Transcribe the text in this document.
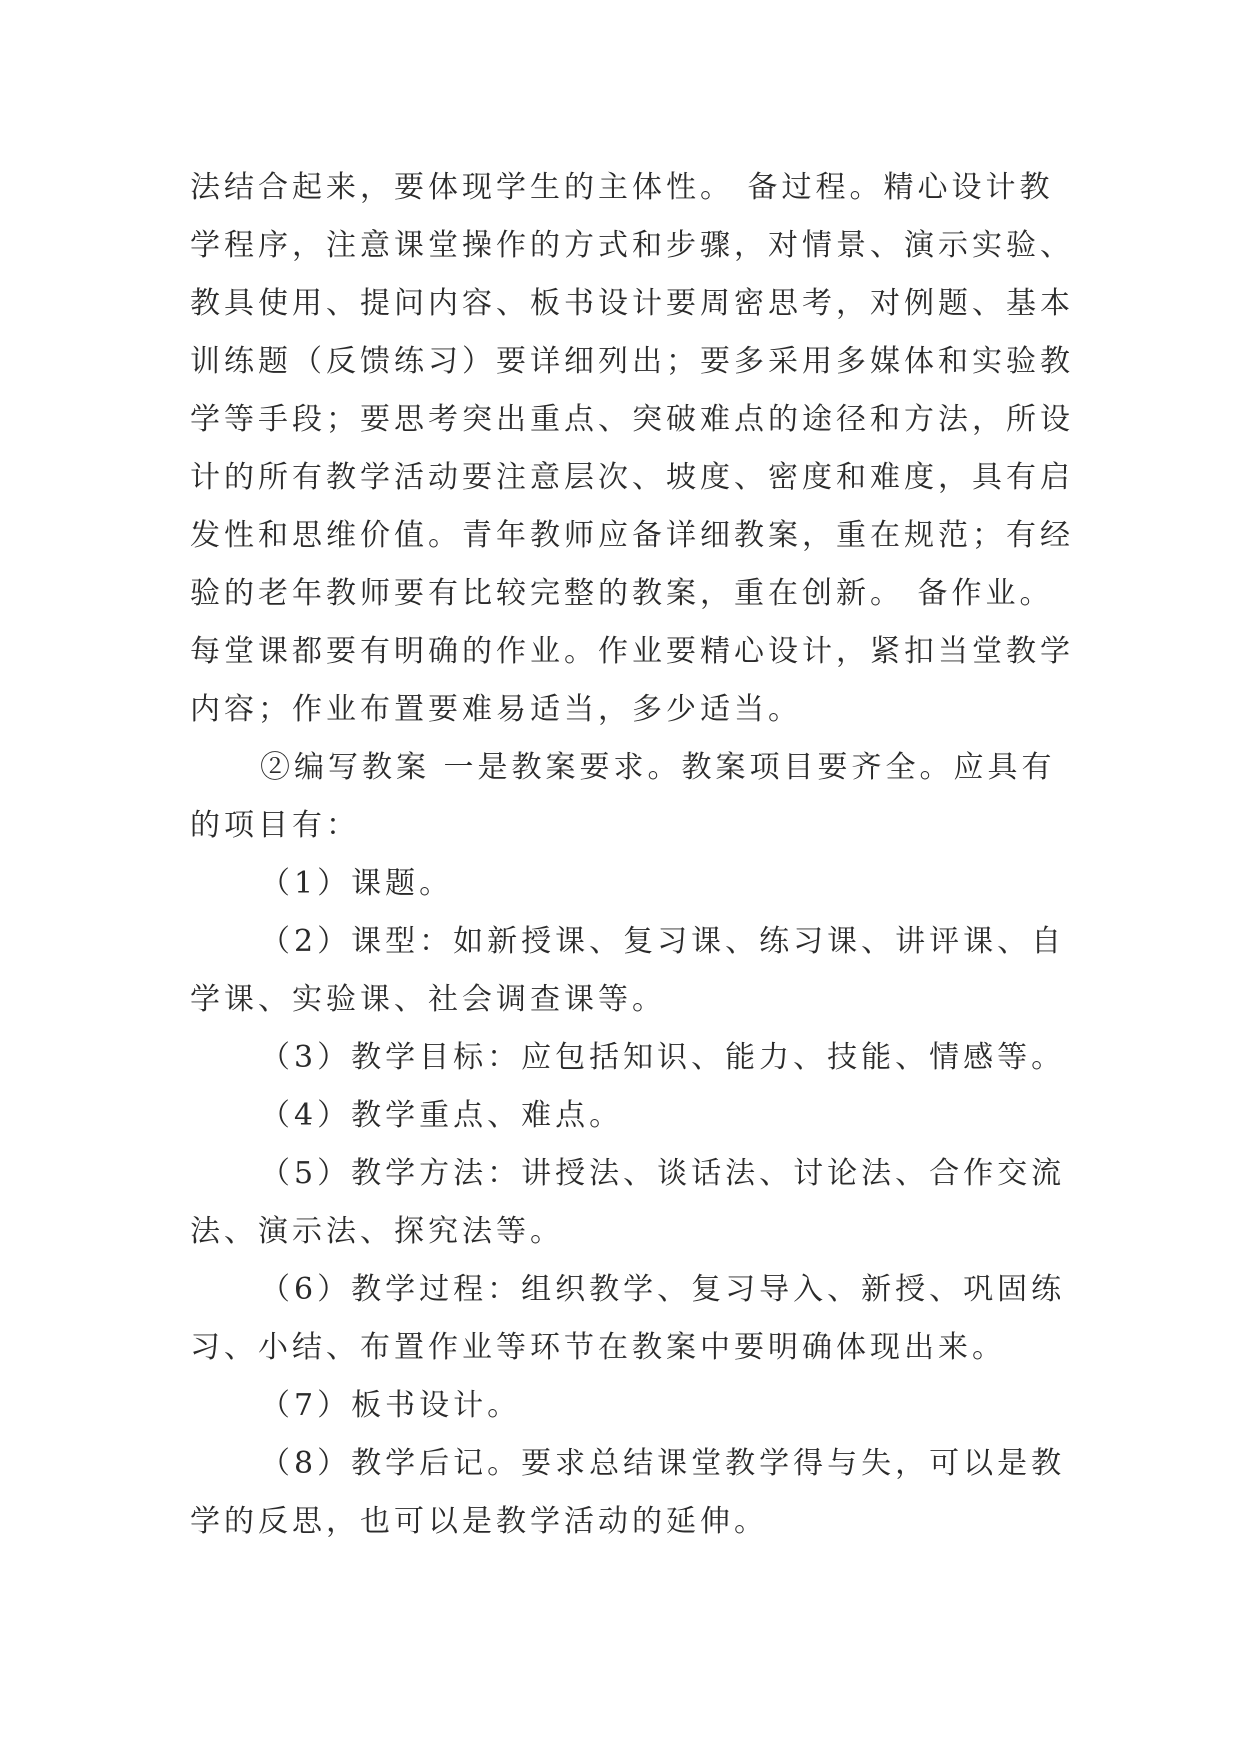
法结合起来，要体现学生的主体性。 备过程。精心设计教
学程序，注意课堂操作的方式和步骤，对情景、演示实验、
教具使用、提问内容、板书设计要周密思考，对例题、基本
训练题（反馈练习）要详细列出；要多采用多媒体和实验教
学等手段；要思考突出重点、突破难点的途径和方法，所设
计的所有教学活动要注意层次、坡度、密度和难度，具有启
发性和思维价值。青年教师应备详细教案，重在规范；有经
验的老年教师要有比较完整的教案，重在创新。 备作业。
每堂课都要有明确的作业。作业要精心设计，紧扣当堂教学
内容；作业布置要难易适当，多少适当。
②编写教案 一是教案要求。教案项目要齐全。应具有
的项目有：
（1）课题。
（2）课型：如新授课、复习课、练习课、讲评课、自
学课、实验课、社会调查课等。
（3）教学目标：应包括知识、能力、技能、情感等。
（4）教学重点、难点。
（5）教学方法：讲授法、谈话法、讨论法、合作交流
法、演示法、探究法等。
（6）教学过程：组织教学、复习导入、新授、巩固练
习、小结、布置作业等环节在教案中要明确体现出来。
（7）板书设计。
（8）教学后记。要求总结课堂教学得与失，可以是教
学的反思，也可以是教学活动的延伸。
